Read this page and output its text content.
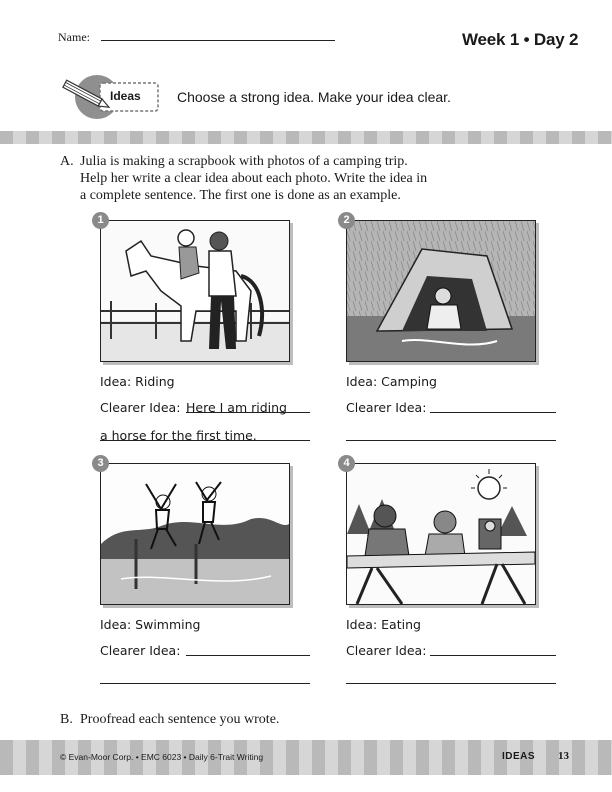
Name:	Week 1 • Day 2
Ideas	Choose a strong idea. Make your idea clear.
A. Julia is making a scrapbook with photos of a camping trip.
Help her write a clear idea about each photo. Write the idea in
a complete sentence. The first one is done as an example.
1
Idea: Riding
Clearer Idea: Here I am riding
a horse for the first time.
2
Idea: Camping
Clearer Idea:
3
Idea: Swimming
Clearer Idea:
4
Idea: Eating
Clearer Idea:
B. Proofread each sentence you wrote.
© Evan-Moor Corp. • EMC 6023 • Daily 6-Trait Writing	IDEAS 13
